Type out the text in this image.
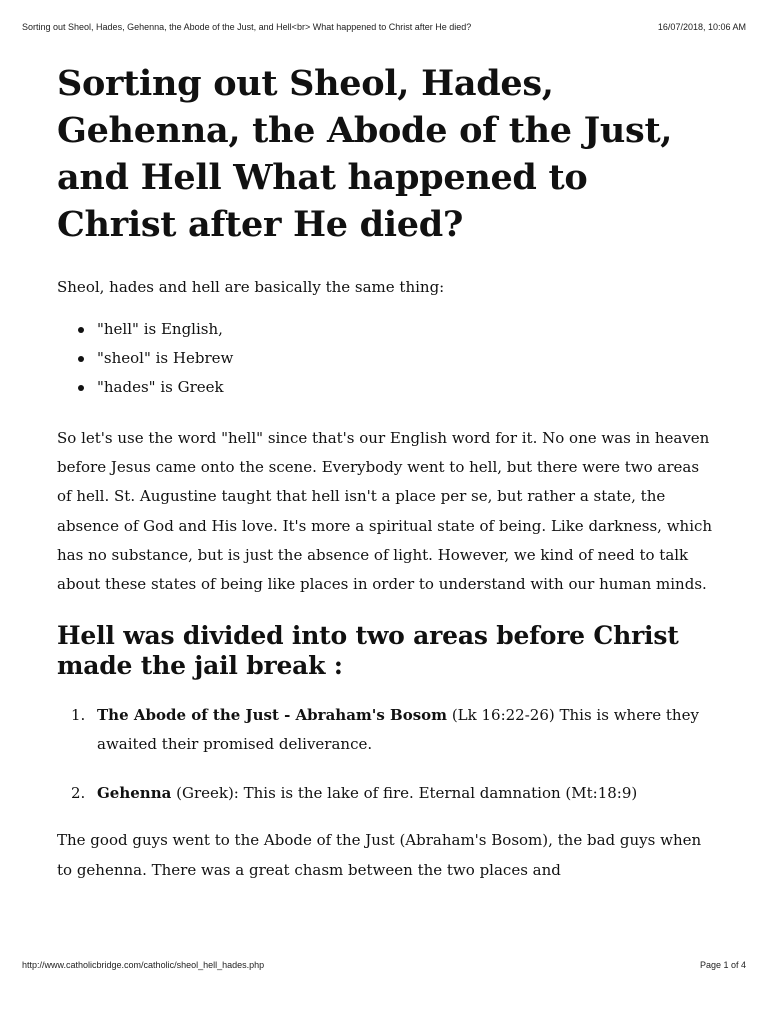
Sorting out Sheol, Hades, Gehenna, the Abode of the Just, and Hell<br> What happened to Christ after He died?	16/07/2018, 10:06 AM
Sorting out Sheol, Hades, Gehenna, the Abode of the Just, and Hell What happened to Christ after He died?

Sheol, hades and hell are basically the same thing:

"hell" is English,
"sheol" is Hebrew
"hades" is Greek

So let's use the word "hell" since that's our English word for it. No one was in heaven before Jesus came onto the scene. Everybody went to hell, but there were two areas of hell. St. Augustine taught that hell isn't a place per se, but rather a state, the absence of God and His love. It's more a spiritual state of being. Like darkness, which has no substance, but is just the absence of light. However, we kind of need to talk about these states of being like places in order to understand with our human minds.

Hell was divided into two areas before Christ made the jail break :
1. The Abode of the Just - Abraham's Bosom (Lk 16:22-26) This is where they awaited their promised deliverance.
2. Gehenna (Greek): This is the lake of fire. Eternal damnation (Mt:18:9)

The good guys went to the Abode of the Just (Abraham's Bosom), the bad guys when to gehenna. There was a great chasm between the two places and

http://www.catholicbridge.com/catholic/sheol_hell_hades.php	Page 1 of 4
